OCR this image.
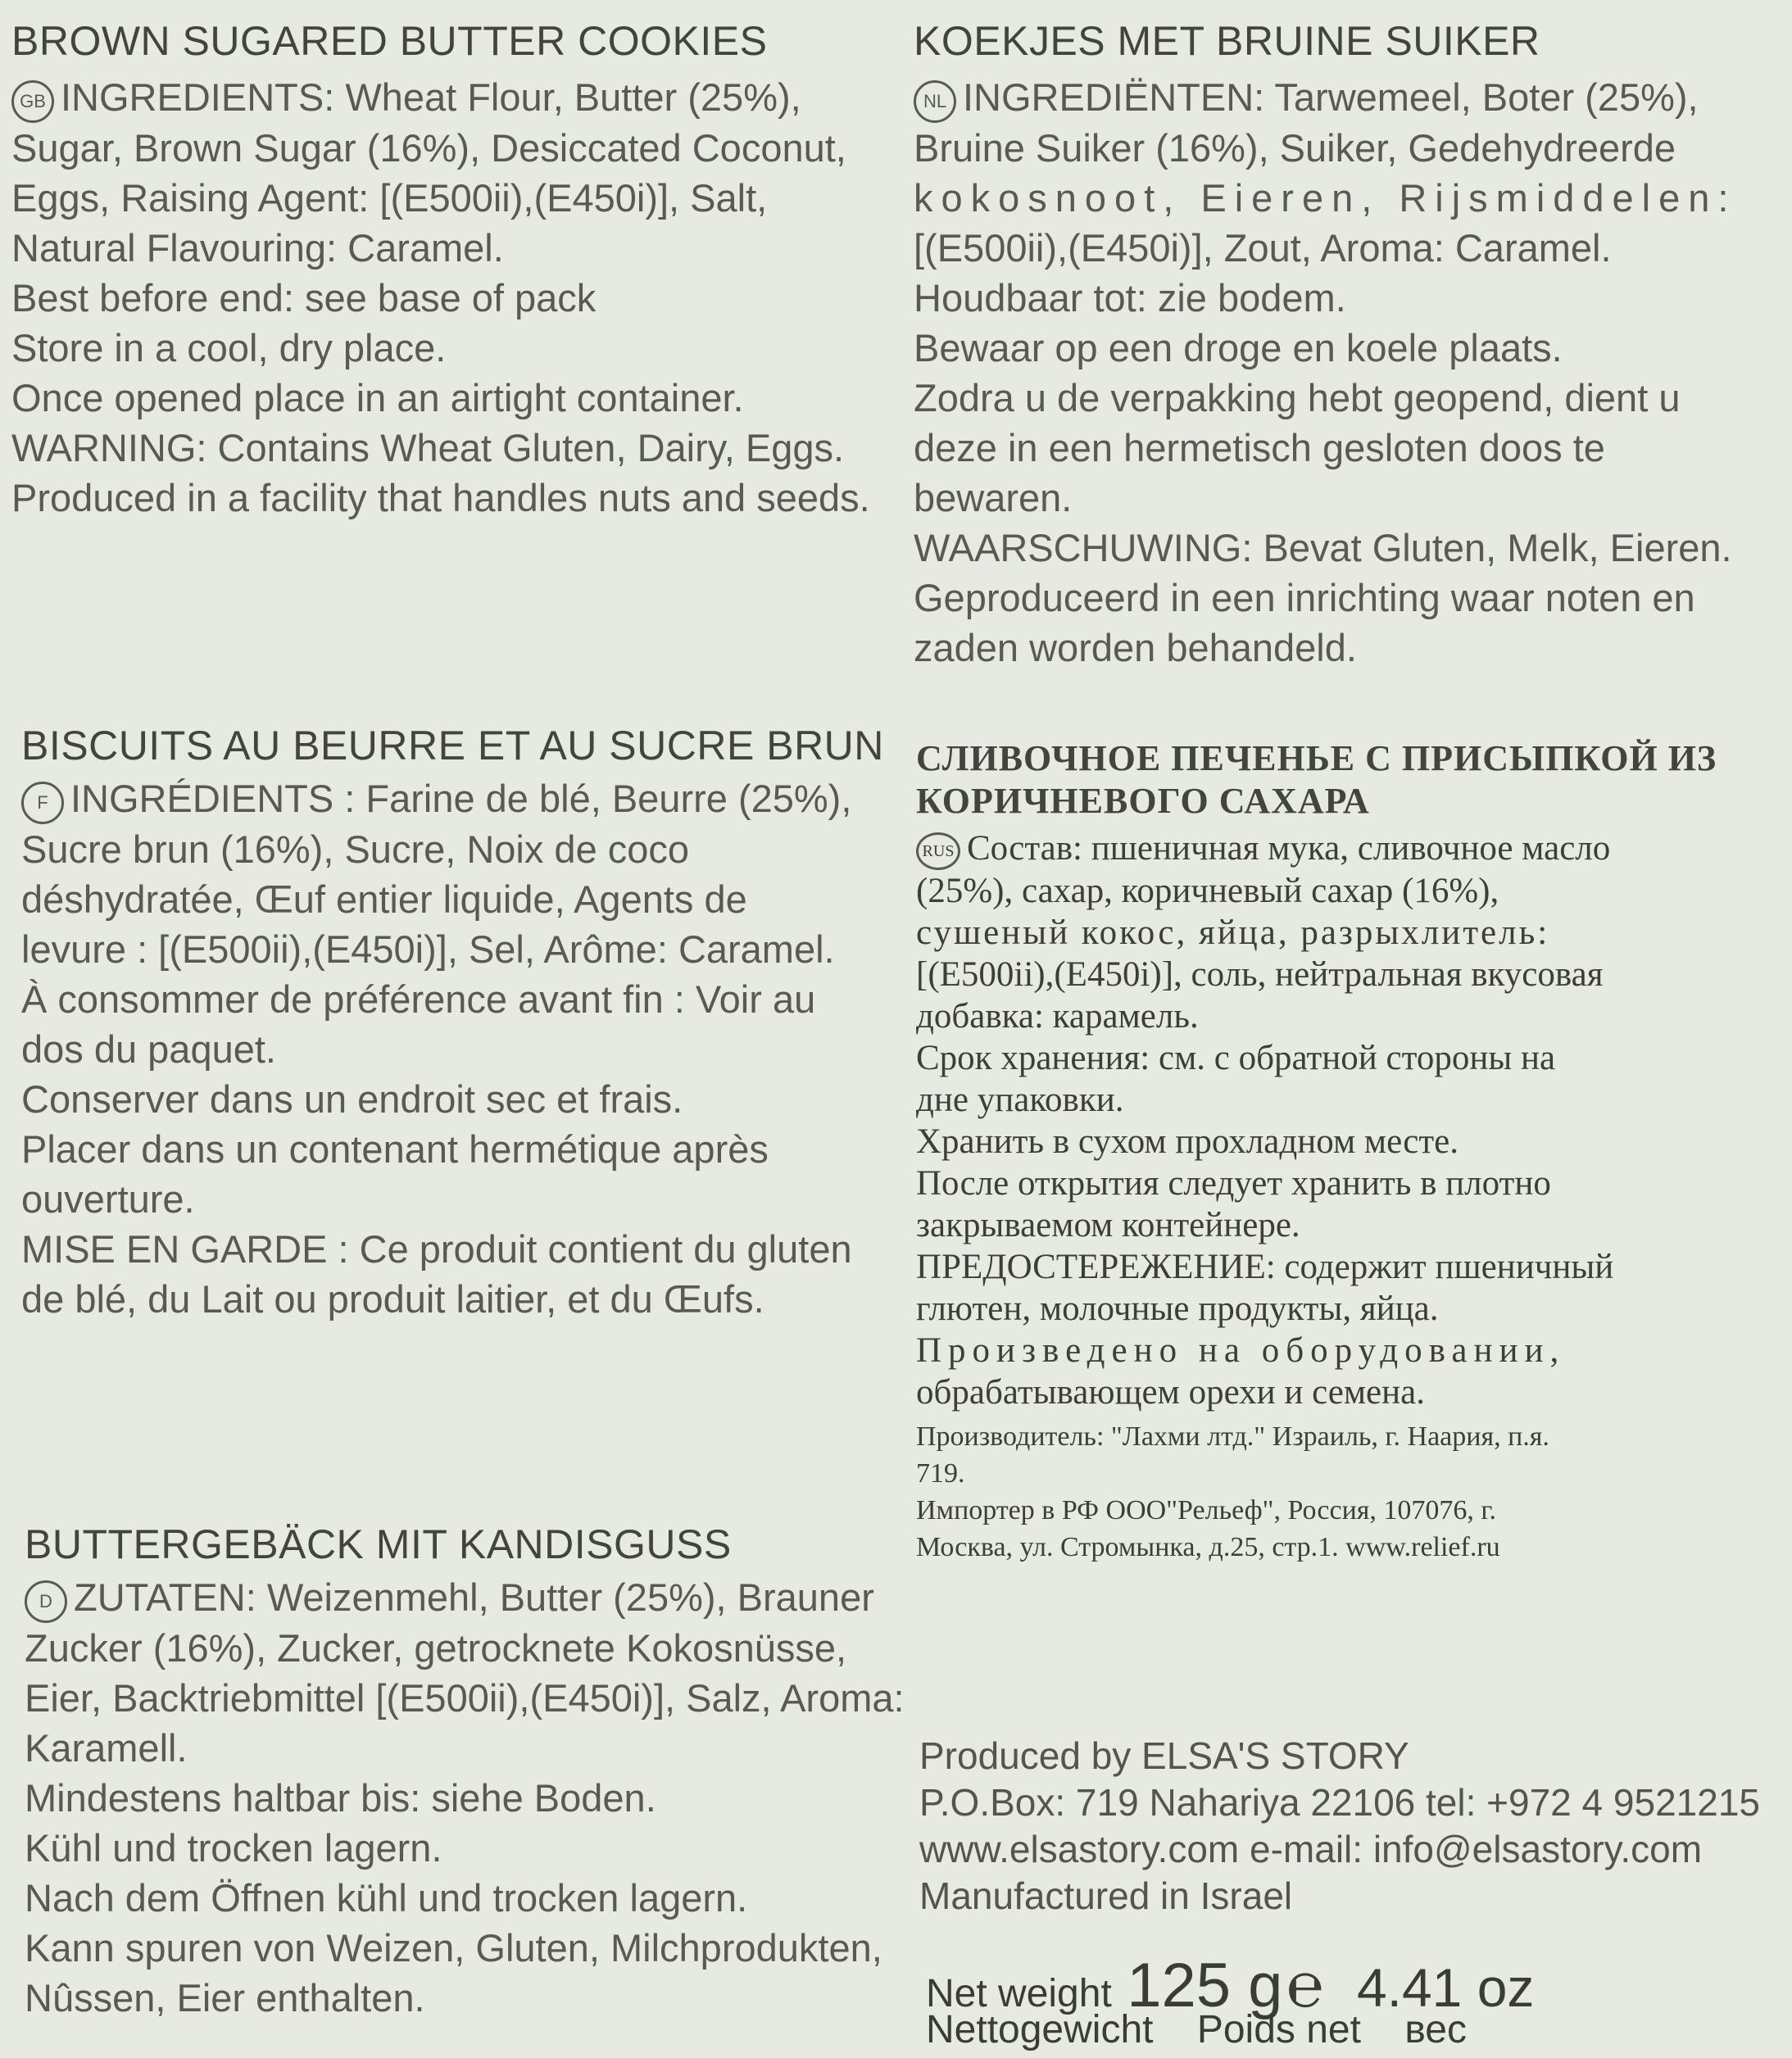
BROWN SUGARED BUTTER COOKIES
GB INGREDIENTS: Wheat Flour, Butter (25%),
Sugar, Brown Sugar (16%), Desiccated Coconut,
Eggs, Raising Agent: [(E500ii),(E450i)], Salt,
Natural Flavouring: Caramel.
Best before end: see base of pack
Store in a cool, dry place.
Once opened place in an airtight container.
WARNING: Contains Wheat Gluten, Dairy, Eggs.
Produced in a facility that handles nuts and seeds.
KOEKJES MET BRUINE SUIKER
NL INGREDIËNTEN: Tarwemeel, Boter (25%),
Bruine Suiker (16%), Suiker, Gedehydreerde
kokosnoot, Eieren, Rijsmiddelen:
[(E500ii),(E450i)], Zout, Aroma: Caramel.
Houdbaar tot: zie bodem.
Bewaar op een droge en koele plaats.
Zodra u de verpakking hebt geopend, dient u
deze in een hermetisch gesloten doos te
bewaren.
WAARSCHUWING: Bevat Gluten, Melk, Eieren.
Geproduceerd in een inrichting waar noten en
zaden worden behandeld.
BISCUITS AU BEURRE ET AU SUCRE BRUN
F INGRÉDIENTS : Farine de blé, Beurre (25%),
Sucre brun (16%), Sucre, Noix de coco
déshydratée, Œuf entier liquide, Agents de
levure : [(E500ii),(E450i)], Sel, Arôme: Caramel.
À consommer de préférence avant fin : Voir au
dos du paquet.
Conserver dans un endroit sec et frais.
Placer dans un contenant hermétique après
ouverture.
MISE EN GARDE : Ce produit contient du gluten
de blé, du Lait ou produit laitier, et du Œufs.
СЛИВОЧНОЕ ПЕЧЕНЬЕ С ПРИСЫПКОЙ ИЗ
КОРИЧНЕВОГО САХАРА
RUS Состав: пшеничная мука, сливочное масло
(25%), сахар, коричневый сахар (16%),
сушеный кокос, яйца, разрыхлитель:
[(E500ii),(E450i)], соль, нейтральная вкусовая
добавка: карамель.
Срок хранения: см. с обратной стороны на
дне упаковки.
Хранить в сухом прохладном месте.
После открытия следует хранить в плотно
закрываемом контейнере.
ПРЕДОСТЕРЕЖЕНИЕ: содержит пшеничный
глютен, молочные продукты, яйца.
Произведено на оборудовании,
обрабатывающем орехи и семена.
Производитель: "Лахми лтд." Израиль, г. Наария, п.я.
719.
Импортер в РФ ООО"Рельеф", Россия, 107076, г.
Москва, ул. Стромынка, д.25, стр.1. www.relief.ru
BUTTERGEBÄCK MIT KANDISGUSS
D ZUTATEN: Weizenmehl, Butter (25%), Brauner
Zucker (16%), Zucker, getrocknete Kokosnüsse,
Eier, Backtriebmittel [(E500ii),(E450i)], Salz, Aroma:
Karamell.
Mindestens haltbar bis: siehe Boden.
Kühl und trocken lagern.
Nach dem Öffnen kühl und trocken lagern.
Kann spuren von Weizen, Gluten, Milchprodukten,
Nûssen, Eier enthalten.
Produced by ELSA'S STORY
P.O.Box: 719 Nahariya 22106 tel: +972 4 9521215
www.elsastory.com e-mail: info@elsastory.com
Manufactured in Israel
Net weight 125 g ℮ 4.41 oz
Nettogewicht Poids net вес
